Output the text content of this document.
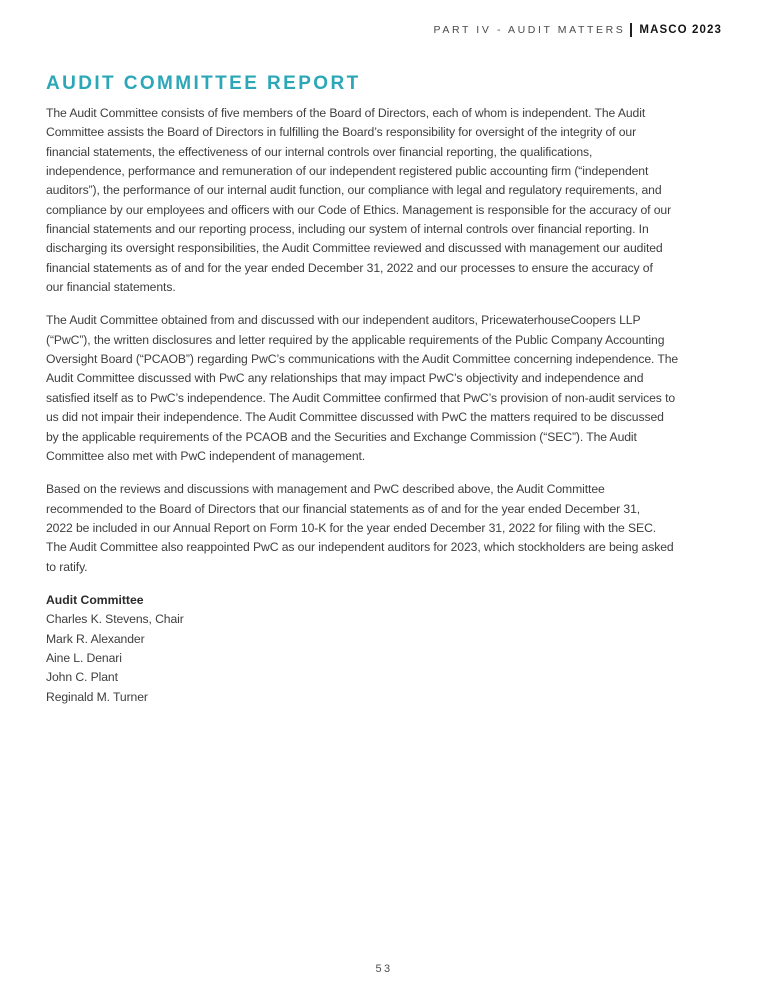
PART IV - AUDIT MATTERS MASCO 2023
AUDIT COMMITTEE REPORT
The Audit Committee consists of five members of the Board of Directors, each of whom is independent. The Audit
Committee assists the Board of Directors in fulfilling the Board’s responsibility for oversight of the integrity of our
financial statements, the effectiveness of our internal controls over financial reporting, the qualifications,
independence, performance and remuneration of our independent registered public accounting firm (“independent
auditors”), the performance of our internal audit function, our compliance with legal and regulatory requirements, and
compliance by our employees and officers with our Code of Ethics. Management is responsible for the accuracy of our
financial statements and our reporting process, including our system of internal controls over financial reporting. In
discharging its oversight responsibilities, the Audit Committee reviewed and discussed with management our audited
financial statements as of and for the year ended December 31, 2022 and our processes to ensure the accuracy of
our financial statements.
The Audit Committee obtained from and discussed with our independent auditors, PricewaterhouseCoopers LLP
(“PwC”), the written disclosures and letter required by the applicable requirements of the Public Company Accounting
Oversight Board (“PCAOB”) regarding PwC’s communications with the Audit Committee concerning independence. The
Audit Committee discussed with PwC any relationships that may impact PwC’s objectivity and independence and
satisfied itself as to PwC’s independence. The Audit Committee confirmed that PwC’s provision of non-audit services to
us did not impair their independence. The Audit Committee discussed with PwC the matters required to be discussed
by the applicable requirements of the PCAOB and the Securities and Exchange Commission (“SEC”). The Audit
Committee also met with PwC independent of management.
Based on the reviews and discussions with management and PwC described above, the Audit Committee
recommended to the Board of Directors that our financial statements as of and for the year ended December 31,
2022 be included in our Annual Report on Form 10-K for the year ended December 31, 2022 for filing with the SEC.
The Audit Committee also reappointed PwC as our independent auditors for 2023, which stockholders are being asked
to ratify.
Audit Committee
Charles K. Stevens, Chair
Mark R. Alexander
Aine L. Denari
John C. Plant
Reginald M. Turner
53
